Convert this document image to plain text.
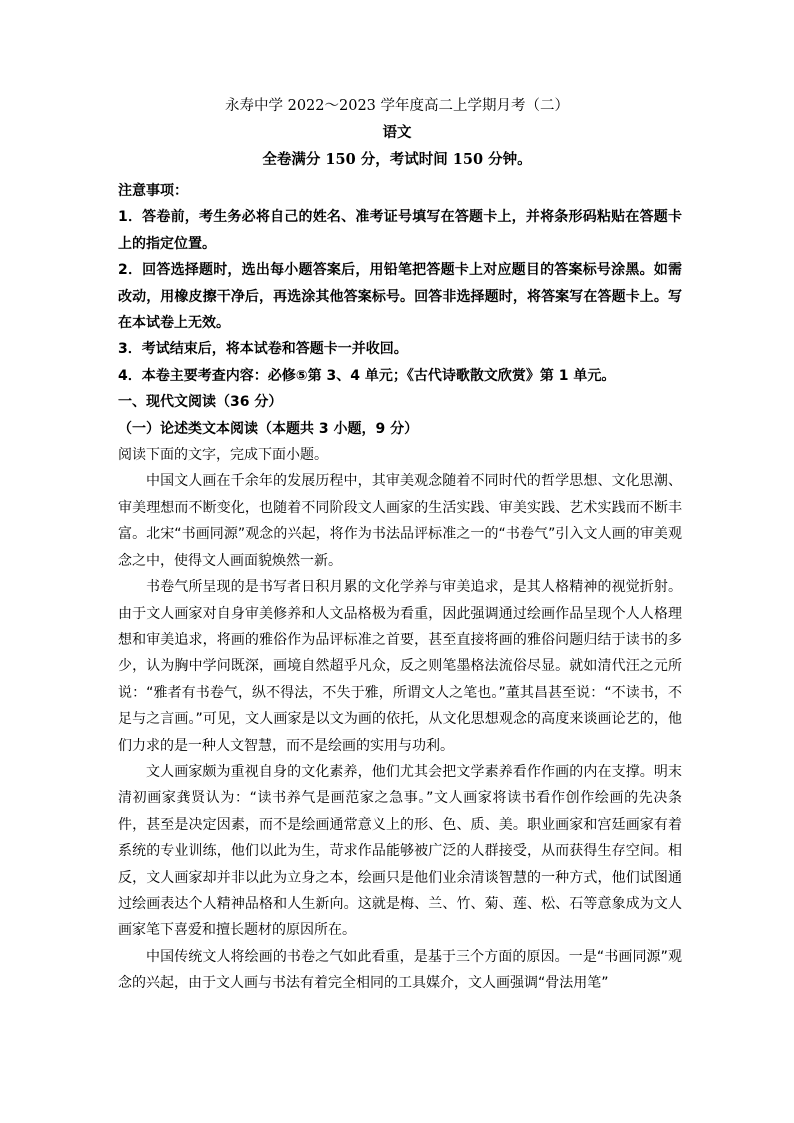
永寿中学 2022～2023 学年度高二上学期月考（二）
语文
全卷满分 150 分，考试时间 150 分钟。

注意事项：

1．答卷前，考生务必将自己的姓名、准考证号填写在答题卡上，并将条形码粘贴在答题卡上的指定位置。

2．回答选择题时，选出每小题答案后，用铅笔把答题卡上对应题目的答案标号涂黑。如需改动，用橡皮擦干净后，再选涂其他答案标号。回答非选择题时，将答案写在答题卡上。写在本试卷上无效。

3．考试结束后，将本试卷和答题卡一并收回。

4．本卷主要考查内容：必修⑤第 3、4 单元；《古代诗歌散文欣赏》第 1 单元。

一、现代文阅读（36 分）

（一）论述类文本阅读（本题共 3 小题，9 分）

阅读下面的文字，完成下面小题。

中国文人画在千余年的发展历程中，其审美观念随着不同时代的哲学思想、文化思潮、审美理想而不断变化，也随着不同阶段文人画家的生活实践、审美实践、艺术实践而不断丰富。北宋“书画同源”观念的兴起，将作为书法品评标准之一的“书卷气”引入文人画的审美观念之中，使得文人画面貌焕然一新。

书卷气所呈现的是书写者日积月累的文化学养与审美追求，是其人格精神的视觉折射。由于文人画家对自身审美修养和人文品格极为看重，因此强调通过绘画作品呈现个人人格理想和审美追求，将画的雅俗作为品评标准之首要，甚至直接将画的雅俗问题归结于读书的多少，认为胸中学问既深，画境自然超乎凡众，反之则笔墨格法流俗尽显。就如清代汪之元所说：“雅者有书卷气，纵不得法，不失于雅，所谓文人之笔也。”董其昌甚至说：“不读书，不足与之言画。”可见，文人画家是以文为画的依托，从文化思想观念的高度来谈画论艺的，他们力求的是一种人文智慧，而不是绘画的实用与功利。

文人画家颇为重视自身的文化素养，他们尤其会把文学素养看作作画的内在支撑。明末清初画家龚贤认为：“读书养气是画范家之急事。”文人画家将读书看作创作绘画的先决条件，甚至是决定因素，而不是绘画通常意义上的形、色、质、美。职业画家和宫廷画家有着系统的专业训练，他们以此为生，苛求作品能够被广泛的人群接受，从而获得生存空间。相反，文人画家却并非以此为立身之本，绘画只是他们业余清谈智慧的一种方式，他们试图通过绘画表达个人精神品格和人生新向。这就是梅、兰、竹、菊、莲、松、石等意象成为文人画家笔下喜爱和擅长题材的原因所在。

中国传统文人将绘画的书卷之气如此看重，是基于三个方面的原因。一是“书画同源”观念的兴起，由于文人画与书法有着完全相同的工具媒介，文人画强调“骨法用笔”
